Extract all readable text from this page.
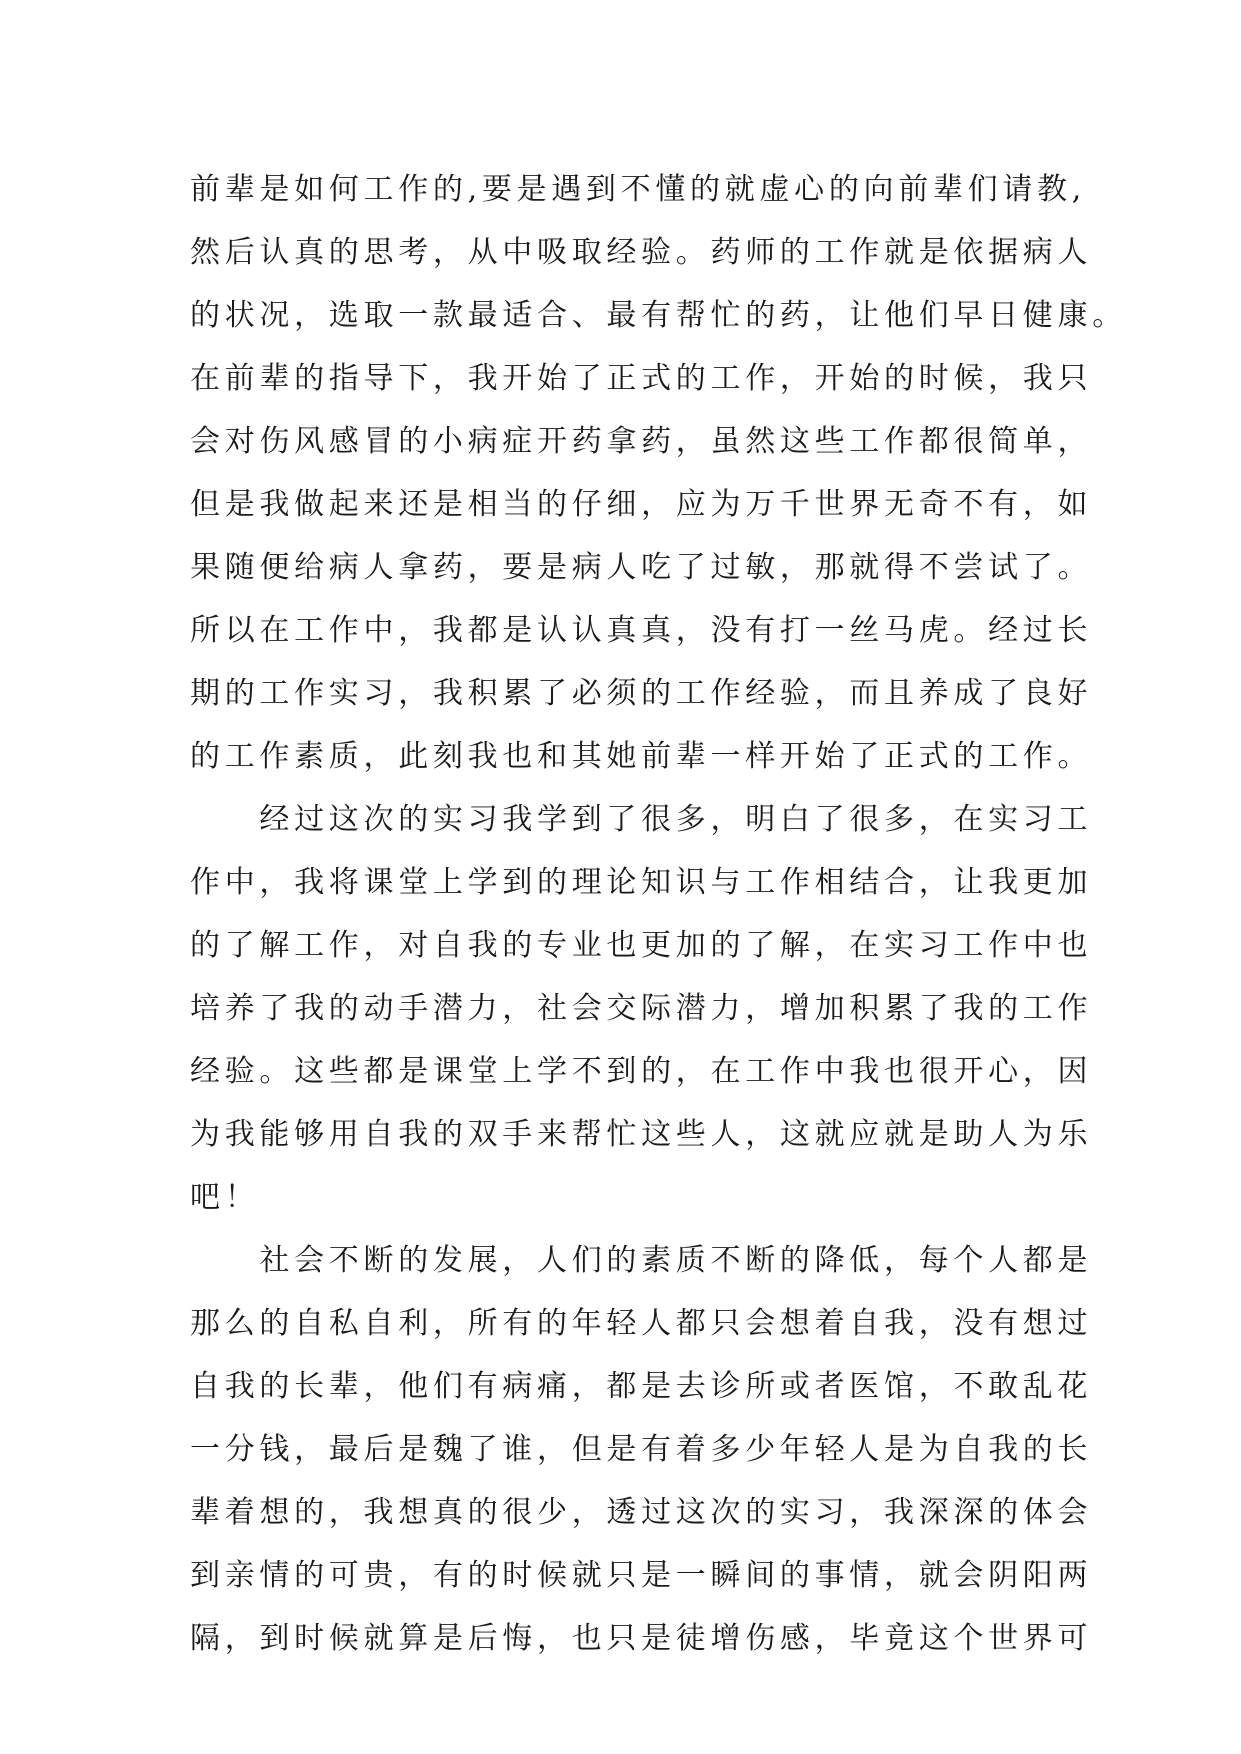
前辈是如何工作的,要是遇到不懂的就虚心的向前辈们请教,
然后认真的思考，从中吸取经验。药师的工作就是依据病人
的状况，选取一款最适合、最有帮忙的药，让他们早日健康。
在前辈的指导下，我开始了正式的工作，开始的时候，我只
会对伤风感冒的小病症开药拿药，虽然这些工作都很简单，
但是我做起来还是相当的仔细，应为万千世界无奇不有，如
果随便给病人拿药，要是病人吃了过敏，那就得不尝试了。
所以在工作中，我都是认认真真，没有打一丝马虎。经过长
期的工作实习，我积累了必须的工作经验，而且养成了良好
的工作素质，此刻我也和其她前辈一样开始了正式的工作。
　　经过这次的实习我学到了很多，明白了很多，在实习工
作中，我将课堂上学到的理论知识与工作相结合，让我更加
的了解工作，对自我的专业也更加的了解，在实习工作中也
培养了我的动手潜力，社会交际潜力，增加积累了我的工作
经验。这些都是课堂上学不到的，在工作中我也很开心，因
为我能够用自我的双手来帮忙这些人，这就应就是助人为乐
吧！
　　社会不断的发展，人们的素质不断的降低，每个人都是
那么的自私自利，所有的年轻人都只会想着自我，没有想过
自我的长辈，他们有病痛，都是去诊所或者医馆，不敢乱花
一分钱，最后是魏了谁，但是有着多少年轻人是为自我的长
辈着想的，我想真的很少，透过这次的实习，我深深的体会
到亲情的可贵，有的时候就只是一瞬间的事情，就会阴阳两
隔，到时候就算是后悔，也只是徒增伤感，毕竟这个世界可
